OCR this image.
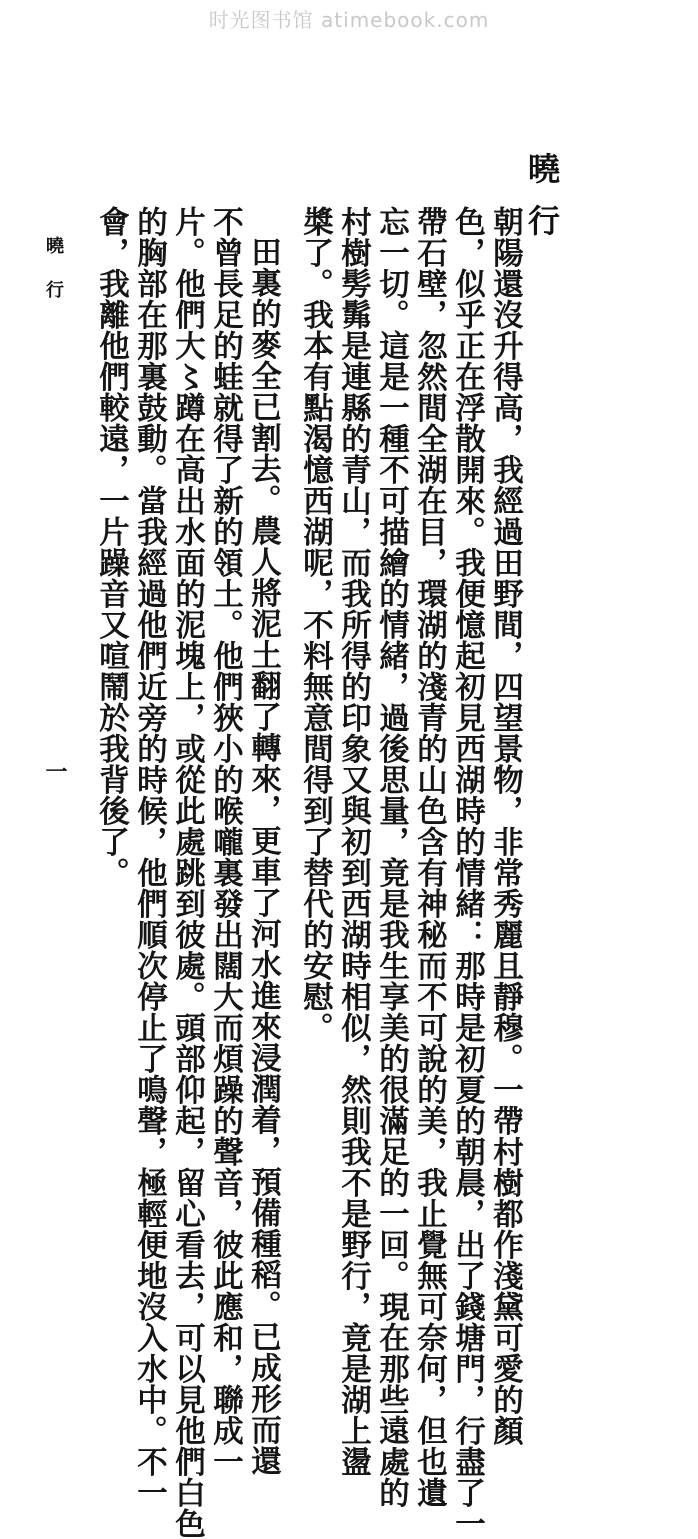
时光图书馆 atimebook.com
曉行
朝陽還沒升得高，我經過田野間，四望景物，非常秀麗且靜穆。一帶村樹都作淺黛可愛的顏
色，似乎正在浮散開來。我便憶起初見西湖時的情緒：那時是初夏的朝晨，出了錢塘門，行盡了一
帶石壁，忽然間全湖在目，環湖的淺青的山色含有神秘而不可說的美，我止覺無可奈何，但也遺
忘一切。這是一種不可描繪的情緒，過後思量，竟是我生享美的很滿足的一回。現在那些遠處的
村樹髣髴是連縣的青山，而我所得的印象又與初到西湖時相似，然則我不是野行，竟是湖上盪
槳了。我本有點渴憶西湖呢，不料無意間得到了替代的安慰。
田裏的麥全已割去。農人將泥土翻了轉來，更車了河水進來浸潤着，預備種稻。已成形而還
不曾長足的蛙就得了新的領土。他們狹小的喉嚨裏發出闊大而煩躁的聲音，彼此應和，聯成一
片。他們大〻蹲在高出水面的泥塊上，或從此處跳到彼處。頭部仰起，留心看去，可以見他們白色
的胸部在那裏鼓動。當我經過他們近旁的時候，他們順次停止了鳴聲，極輕便地沒入水中。不一
會，我離他們較遠，一片躁音又喧鬧於我背後了。
曉行
一
